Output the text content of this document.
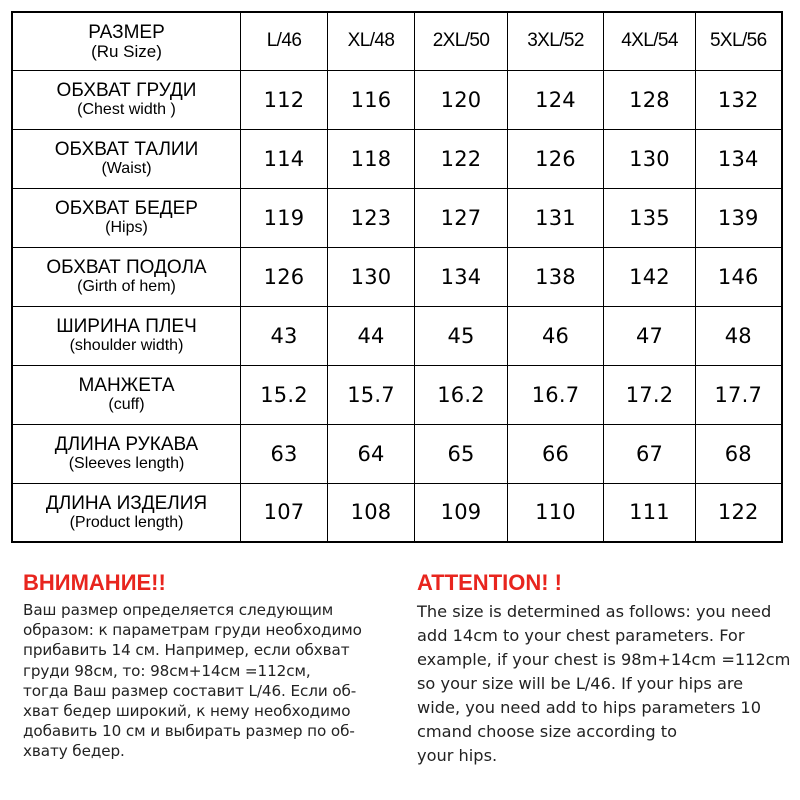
РАЗМЕР
(Ru Size)	L/46	XL/48	2XL/50	3XL/52	4XL/54	5XL/56

ОБХВАТ ГРУДИ
(Chest width )	112	116	120	124	128	132

ОБХВАТ ТАЛИИ
(Waist)	114	118	122	126	130	134

ОБХВАТ БЕДЕР
(Hips)	119	123	127	131	135	139

ОБХВАТ ПОДОЛА
(Girth of hem)	126	130	134	138	142	146

ШИРИНА ПЛЕЧ
(shoulder width)	43	44	45	46	47	48

МАНЖЕТА
(cuff)	15.2	15.7	16.2	16.7	17.2	17.7

ДЛИНА РУКАВА
(Sleeves length)	63	64	65	66	67	68

ДЛИНА ИЗДЕЛИЯ
(Product length)	107	108	109	110	111	122
ВНИМАНИЕ!!
Ваш размер определяется следующим
образом: к параметрам груди необходимо
прибавить 14 см. Например, если обхват
груди 98см, то: 98см+14см =112см,
тогда Ваш размер составит L/46. Если об-
хват бедер широкий, к нему необходимо
добавить 10 см и выбирать размер по об-
хвату бедер.
ATTENTION! !
The size is determined as follows: you need
add 14cm to your chest parameters. For
example, if your chest is 98m+14cm =112cm
so your size will be L/46. If your hips are
wide, you need add to hips parameters 10
cmand choose size according to
your hips.
